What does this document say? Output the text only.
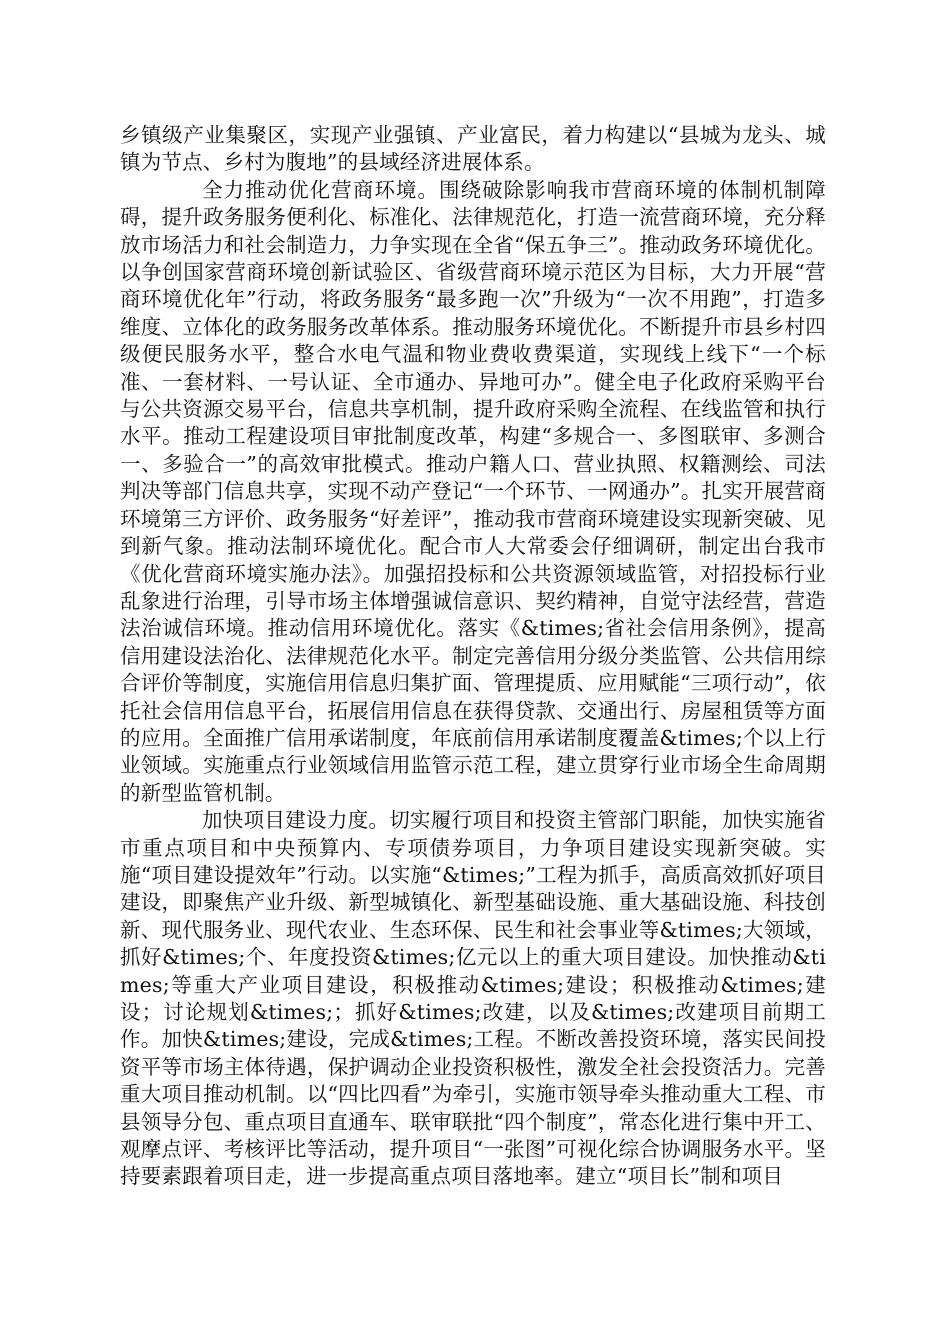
乡镇级产业集聚区，实现产业强镇、产业富民，着力构建以“县城为龙头、城镇为节点、乡村为腹地”的县域经济进展体系。

全力推动优化营商环境。围绕破除影响我市营商环境的体制机制障碍，提升政务服务便利化、标准化、法律规范化，打造一流营商环境，充分释放市场活力和社会制造力，力争实现在全省“保五争三”。推动政务环境优化。以争创国家营商环境创新试验区、省级营商环境示范区为目标，大力开展“营商环境优化年”行动，将政务服务“最多跑一次”升级为“一次不用跑”，打造多维度、立体化的政务服务改革体系。推动服务环境优化。不断提升市县乡村四级便民服务水平，整合水电气温和物业费收费渠道，实现线上线下“一个标准、一套材料、一号认证、全市通办、异地可办”。健全电子化政府采购平台与公共资源交易平台，信息共享机制，提升政府采购全流程、在线监管和执行水平。推动工程建设项目审批制度改革，构建“多规合一、多图联审、多测合一、多验合一”的高效审批模式。推动户籍人口、营业执照、权籍测绘、司法判决等部门信息共享，实现不动产登记“一个环节、一网通办”。扎实开展营商环境第三方评价、政务服务“好差评”，推动我市营商环境建设实现新突破、见到新气象。推动法制环境优化。配合市人大常委会仔细调研，制定出台我市《优化营商环境实施办法》。加强招投标和公共资源领域监管，对招投标行业乱象进行治理，引导市场主体增强诚信意识、契约精神，自觉守法经营，营造法治诚信环境。推动信用环境优化。落实《&times;省社会信用条例》，提高信用建设法治化、法律规范化水平。制定完善信用分级分类监管、公共信用综合评价等制度，实施信用信息归集扩面、管理提质、应用赋能“三项行动”，依托社会信用信息平台，拓展信用信息在获得贷款、交通出行、房屋租赁等方面的应用。全面推广信用承诺制度，年底前信用承诺制度覆盖&times;个以上行业领域。实施重点行业领域信用监管示范工程，建立贯穿行业市场全生命周期的新型监管机制。

加快项目建设力度。切实履行项目和投资主管部门职能，加快实施省市重点项目和中央预算内、专项债券项目，力争项目建设实现新突破。实施“项目建设提效年”行动。以实施“&times;”工程为抓手，高质高效抓好项目建设，即聚焦产业升级、新型城镇化、新型基础设施、重大基础设施、科技创新、现代服务业、现代农业、生态环保、民生和社会事业等&times;大领域，抓好&times;个、年度投资&times;亿元以上的重大项目建设。加快推动&times;等重大产业项目建设，积极推动&times;建设；积极推动&times;建设；讨论规划&times;；抓好&times;改建，以及&times;改建项目前期工作。加快&times;建设，完成&times;工程。不断改善投资环境，落实民间投资平等市场主体待遇，保护调动企业投资积极性，激发全社会投资活力。完善重大项目推动机制。以“四比四看”为牵引，实施市领导牵头推动重大工程、市县领导分包、重点项目直通车、联审联批“四个制度”，常态化进行集中开工、观摩点评、考核评比等活动，提升项目“一张图”可视化综合协调服务水平。坚持要素跟着项目走，进一步提高重点项目落地率。建立“项目长”制和项目
